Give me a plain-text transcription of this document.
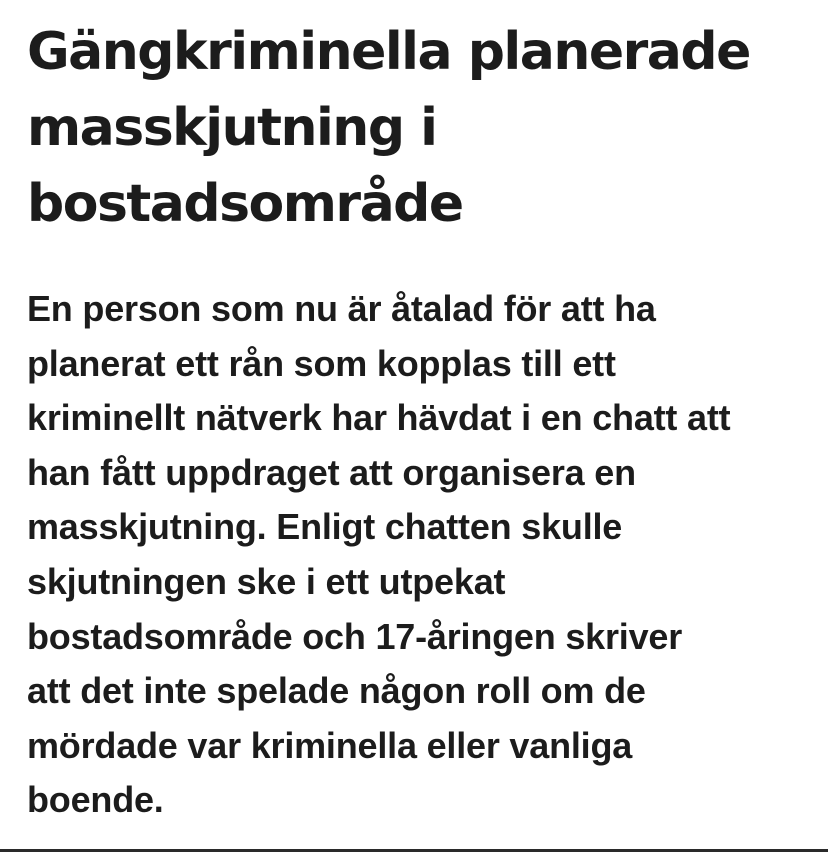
Gängkriminella planerade
masskjutning i
bostadsområde

En person som nu är åtalad för att ha
planerat ett rån som kopplas till ett
kriminellt nätverk har hävdat i en chatt att
han fått uppdraget att organisera en
masskjutning. Enligt chatten skulle
skjutningen ske i ett utpekat
bostadsområde och 17-åringen skriver
att det inte spelade någon roll om de
mördade var kriminella eller vanliga
boende.
